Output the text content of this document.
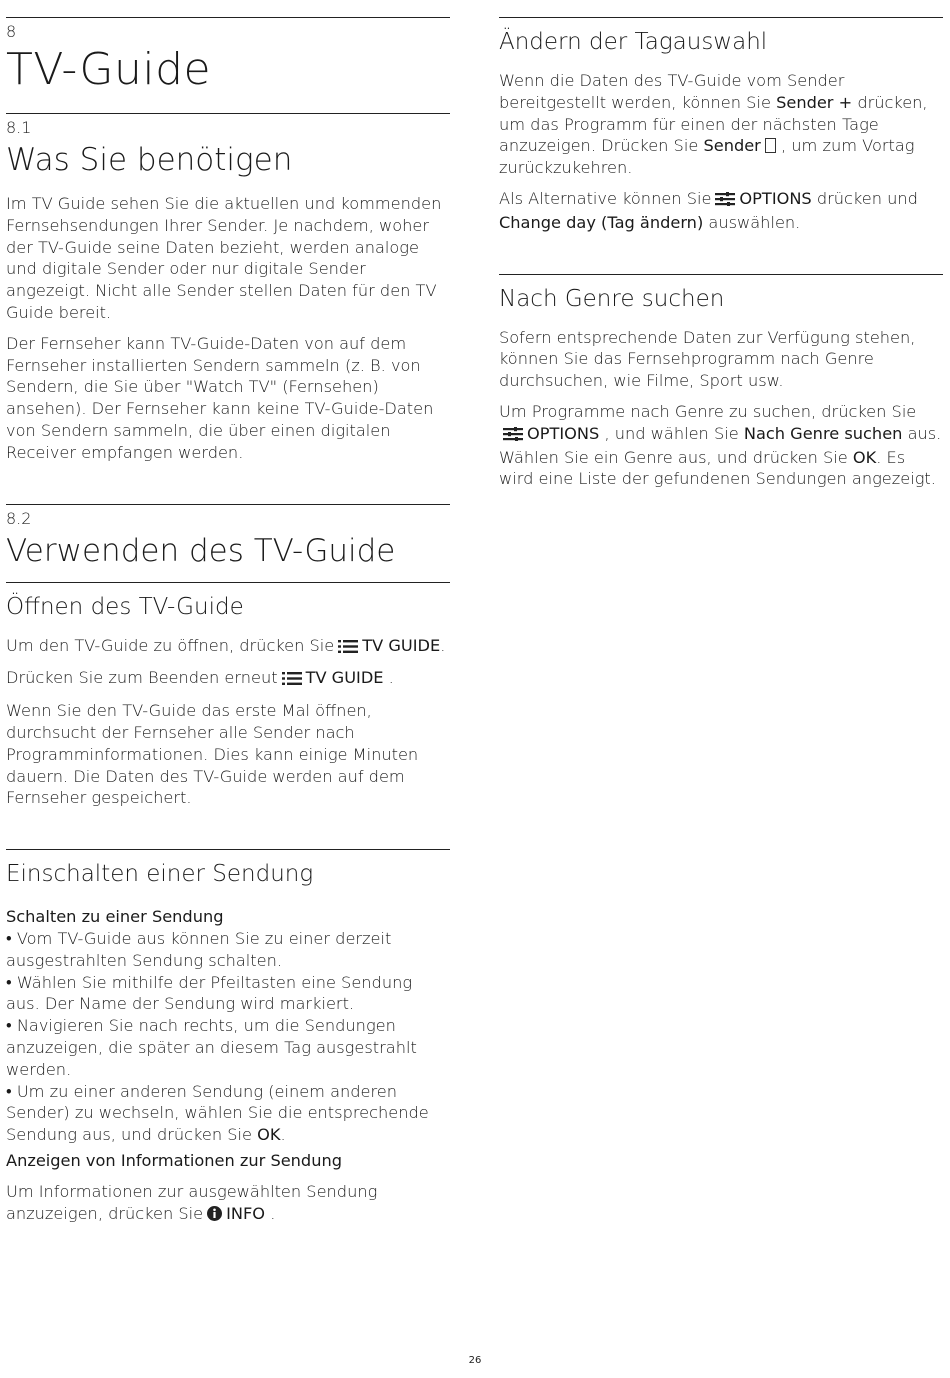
8
TV-Guide
8.1
Was Sie benötigen

Im TV Guide sehen Sie die aktuellen und kommenden Fernsehsendungen Ihrer Sender. Je nachdem, woher der TV-Guide seine Daten bezieht, werden analoge und digitale Sender oder nur digitale Sender angezeigt. Nicht alle Sender stellen Daten für den TV Guide bereit.

Der Fernseher kann TV-Guide-Daten von auf dem Fernseher installierten Sendern sammeln (z. B. von Sendern, die Sie über "Watch TV" (Fernsehen) ansehen). Der Fernseher kann keine TV-Guide-Daten von Sendern sammeln, die über einen digitalen Receiver empfangen werden.

8.2
Verwenden des TV-Guide
Öffnen des TV-Guide

Um den TV-Guide zu öffnen, drücken Sie TV GUIDE.

Drücken Sie zum Beenden erneut TV GUIDE .

Wenn Sie den TV-Guide das erste Mal öffnen, durchsucht der Fernseher alle Sender nach Programminformationen. Dies kann einige Minuten dauern. Die Daten des TV-Guide werden auf dem Fernseher gespeichert.

Einschalten einer Sendung

Schalten zu einer Sendung

• Vom TV-Guide aus können Sie zu einer derzeit ausgestrahlten Sendung schalten.

• Wählen Sie mithilfe der Pfeiltasten eine Sendung aus. Der Name der Sendung wird markiert.

• Navigieren Sie nach rechts, um die Sendungen anzuzeigen, die später an diesem Tag ausgestrahlt werden.

• Um zu einer anderen Sendung (einem anderen Sender) zu wechseln, wählen Sie die entsprechende Sendung aus, und drücken Sie OK.

Anzeigen von Informationen zur Sendung

Um Informationen zur ausgewählten Sendung anzuzeigen, drücken Sie INFO .

Ändern der Tagauswahl

Wenn die Daten des TV-Guide vom Sender bereitgestellt werden, können Sie Sender + drücken, um das Programm für einen der nächsten Tage anzuzeigen. Drücken Sie Sender , um zum Vortag zurückzukehren.

Als Alternative können Sie OPTIONS drücken und Change day (Tag ändern) auswählen.

Nach Genre suchen

Sofern entsprechende Daten zur Verfügung stehen, können Sie das Fernsehprogramm nach Genre durchsuchen, wie Filme, Sport usw.

Um Programme nach Genre zu suchen, drücken SieOPTIONS , und wählen Sie Nach Genre suchen aus.

Wählen Sie ein Genre aus, und drücken Sie OK. Es wird eine Liste der gefundenen Sendungen angezeigt.

26
